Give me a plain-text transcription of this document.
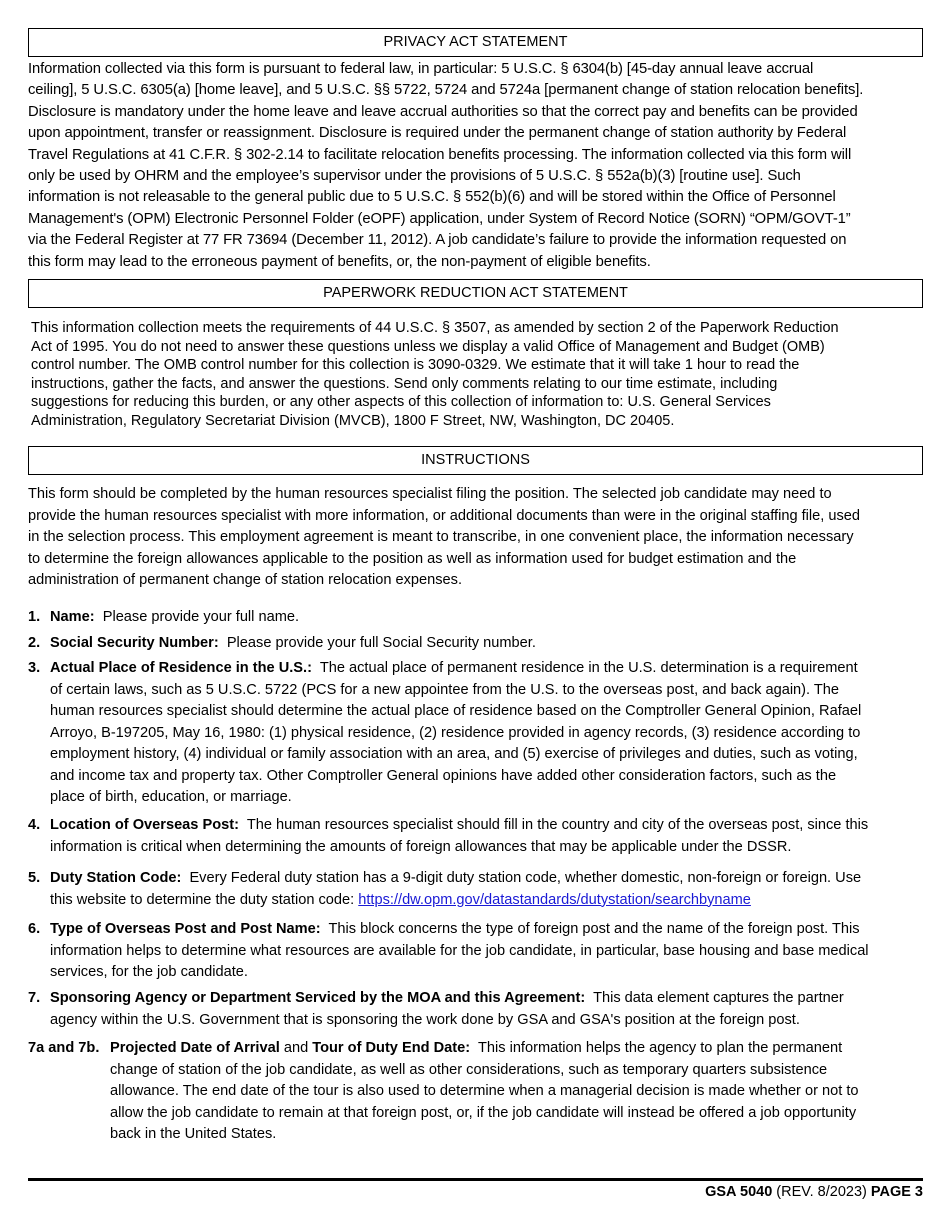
PRIVACY ACT STATEMENT
Information collected via this form is pursuant to federal law, in particular: 5 U.S.C. § 6304(b) [45-day annual leave accrual
ceiling], 5 U.S.C. 6305(a) [home leave], and 5 U.S.C. §§ 5722, 5724 and 5724a [permanent change of station relocation benefits].
Disclosure is mandatory under the home leave and leave accrual authorities so that the correct pay and benefits can be provided
upon appointment, transfer or reassignment. Disclosure is required under the permanent change of station authority by Federal
Travel Regulations at 41 C.F.R. § 302-2.14 to facilitate relocation benefits processing. The information collected via this form will
only be used by OHRM and the employee’s supervisor under the provisions of 5 U.S.C. § 552a(b)(3) [routine use]. Such
information is not releasable to the general public due to 5 U.S.C. § 552(b)(6) and will be stored within the Office of Personnel
Management's (OPM) Electronic Personnel Folder (eOPF) application, under System of Record Notice (SORN) “OPM/GOVT-1”
via the Federal Register at 77 FR 73694 (December 11, 2012). A job candidate’s failure to provide the information requested on
this form may lead to the erroneous payment of benefits, or, the non-payment of eligible benefits.
PAPERWORK REDUCTION ACT STATEMENT
This information collection meets the requirements of 44 U.S.C. § 3507, as amended by section 2 of the Paperwork Reduction
Act of 1995. You do not need to answer these questions unless we display a valid Office of Management and Budget (OMB)
control number. The OMB control number for this collection is 3090-0329. We estimate that it will take 1 hour to read the
instructions, gather the facts, and answer the questions. Send only comments relating to our time estimate, including
suggestions for reducing this burden, or any other aspects of this collection of information to: U.S. General Services
Administration, Regulatory Secretariat Division (MVCB), 1800 F Street, NW, Washington, DC 20405.
INSTRUCTIONS
This form should be completed by the human resources specialist filing the position. The selected job candidate may need to
provide the human resources specialist with more information, or additional documents than were in the original staffing file, used
in the selection process. This employment agreement is meant to transcribe, in one convenient place, the information necessary
to determine the foreign allowances applicable to the position as well as information used for budget estimation and the
administration of permanent change of station relocation expenses.
1. Name: Please provide your full name.
2. Social Security Number: Please provide your full Social Security number.
3. Actual Place of Residence in the U.S.: The actual place of permanent residence in the U.S. determination is a requirement
of certain laws, such as 5 U.S.C. 5722 (PCS for a new appointee from the U.S. to the overseas post, and back again). The
human resources specialist should determine the actual place of residence based on the Comptroller General Opinion, Rafael
Arroyo, B-197205, May 16, 1980: (1) physical residence, (2) residence provided in agency records, (3) residence according to
employment history, (4) individual or family association with an area, and (5) exercise of privileges and duties, such as voting,
and income tax and property tax. Other Comptroller General opinions have added other consideration factors, such as the
place of birth, education, or marriage.
4. Location of Overseas Post: The human resources specialist should fill in the country and city of the overseas post, since this
information is critical when determining the amounts of foreign allowances that may be applicable under the DSSR.
5. Duty Station Code: Every Federal duty station has a 9-digit duty station code, whether domestic, non-foreign or foreign. Use
this website to determine the duty station code: https://dw.opm.gov/datastandards/dutystation/searchbyname
6. Type of Overseas Post and Post Name: This block concerns the type of foreign post and the name of the foreign post. This
information helps to determine what resources are available for the job candidate, in particular, base housing and base medical
services, for the job candidate.
7. Sponsoring Agency or Department Serviced by the MOA and this Agreement: This data element captures the partner
agency within the U.S. Government that is sponsoring the work done by GSA and GSA's position at the foreign post.
7a and 7b. Projected Date of Arrival and Tour of Duty End Date: This information helps the agency to plan the permanent
change of station of the job candidate, as well as other considerations, such as temporary quarters subsistence
allowance. The end date of the tour is also used to determine when a managerial decision is made whether or not to
allow the job candidate to remain at that foreign post, or, if the job candidate will instead be offered a job opportunity
back in the United States.
GSA 5040 (REV. 8/2023) PAGE 3
